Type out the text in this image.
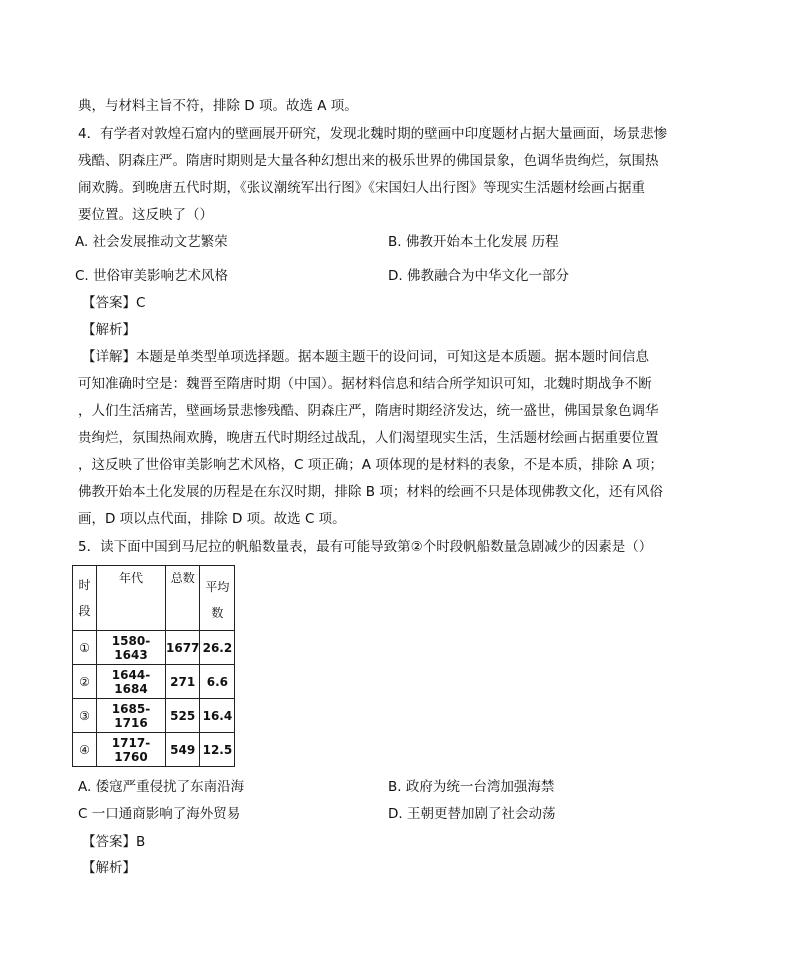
典，与材料主旨不符，排除 D 项。故选 A 项。
4．有学者对敦煌石窟内的壁画展开研究，发现北魏时期的壁画中印度题材占据大量画面，场景悲惨
残酷、阴森庄严。隋唐时期则是大量各种幻想出来的极乐世界的佛国景象，色调华贵绚烂，氛围热
闹欢腾。到晚唐五代时期，《张议潮统军出行图》《宋国妇人出行图》等现实生活题材绘画占据重
要位置。这反映了（）
A. 社会发展推动文艺繁荣	B. 佛教开始本土化发展 历程
C. 世俗审美影响艺术风格	D. 佛教融合为中华文化一部分
【答案】C
【解析】
【详解】本题是单类型单项选择题。据本题主题干的设问词，可知这是本质题。据本题时间信息
可知准确时空是：魏晋至隋唐时期（中国）。据材料信息和结合所学知识可知，北魏时期战争不断
，人们生活痛苦，壁画场景悲惨残酷、阴森庄严，隋唐时期经济发达，统一盛世，佛国景象色调华
贵绚烂，氛围热闹欢腾，晚唐五代时期经过战乱，人们渴望现实生活，生活题材绘画占据重要位置
，这反映了世俗审美影响艺术风格，C 项正确；A 项体现的是材料的表象，不是本质，排除 A 项；
佛教开始本土化发展的历程是在东汉时期，排除 B 项；材料的绘画不只是体现佛教文化，还有风俗
画，D 项以点代面，排除 D 项。故选 C 项。
5．读下面中国到马尼拉的帆船数量表，最有可能导致第②个时段帆船数量急剧减少的因素是（）
时
段	年代	总数	平均
数
①	1580-1643	1677	26.2
②	1644-1684	271	6.6
③	1685-1716	525	16.4
④	1717-1760	549	12.5
A. 倭寇严重侵扰了东南沿海	B. 政府为统一台湾加强海禁
C 一口通商影响了海外贸易	D. 王朝更替加剧了社会动荡
【答案】B
【解析】
